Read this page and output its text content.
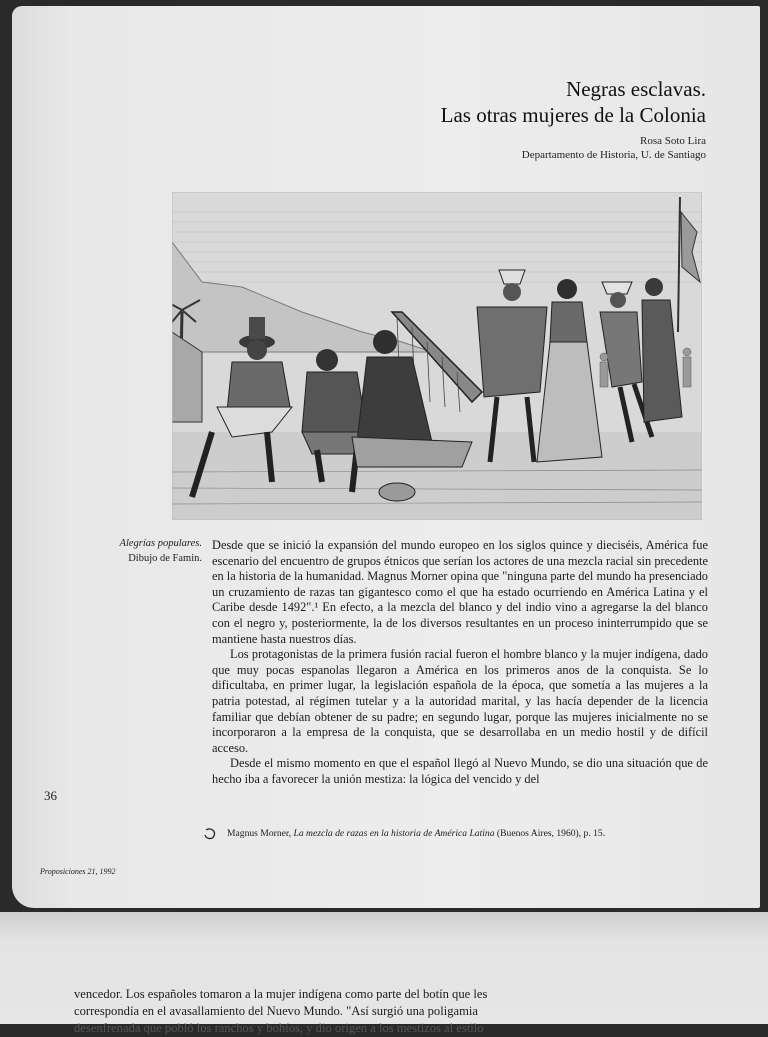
Negras esclavas.
Las otras mujeres de la Colonia
Rosa Soto Lira
Departamento de Historia, U. de Santiago
Alegrías populares.
Dibujo de Famin.

Desde que se inició la expansión del mundo europeo en los siglos quince y dieciséis, América fue escenario del encuentro de grupos étnicos que serían los actores de una mezcla racial sin precedente en la historia de la humanidad. Magnus Morner opina que "ninguna parte del mundo ha presenciado un cruzamiento de razas tan gigantesco como el que ha estado ocurriendo en América Latina y el Caribe desde 1492".¹ En efecto, a la mezcla del blanco y del indio vino a agregarse la del blanco con el negro y, posteriormente, la de los diversos resultantes en un proceso ininterrumpido que se mantiene hasta nuestros días.

Los protagonistas de la primera fusión racial fueron el hombre blanco y la mujer indígena, dado que muy pocas espanolas llegaron a América en los primeros anos de la conquista. Se lo dificultaba, en primer lugar, la legislación española de la época, que sometía a las mujeres a la patria potestad, al régimen tutelar y a la autoridad marital, y las hacía depender de la licencia familiar que debían obtener de su padre; en segundo lugar, porque las mujeres inicialmente no se incorporaron a la empresa de la conquista, que se desarrollaba en un medio hostil y de difícil acceso.

Desde el mismo momento en que el español llegó al Nuevo Mundo, se dio una situación que de hecho iba a favorecer la unión mestiza: la lógica del vencido y del

36
Magnus Morner, La mezcla de razas en la historia de América Latina (Buenos Aires, 1960), p. 15.
Proposiciones 21, 1992

vencedor. Los españoles tomaron a la mujer indígena como parte del botín que les

correspondía en el avasallamiento del Nuevo Mundo. "Así surgió una poligamia

desenfrenada que pobló los ranchos y bohíos, y dio origen a los mestizos al estilo
